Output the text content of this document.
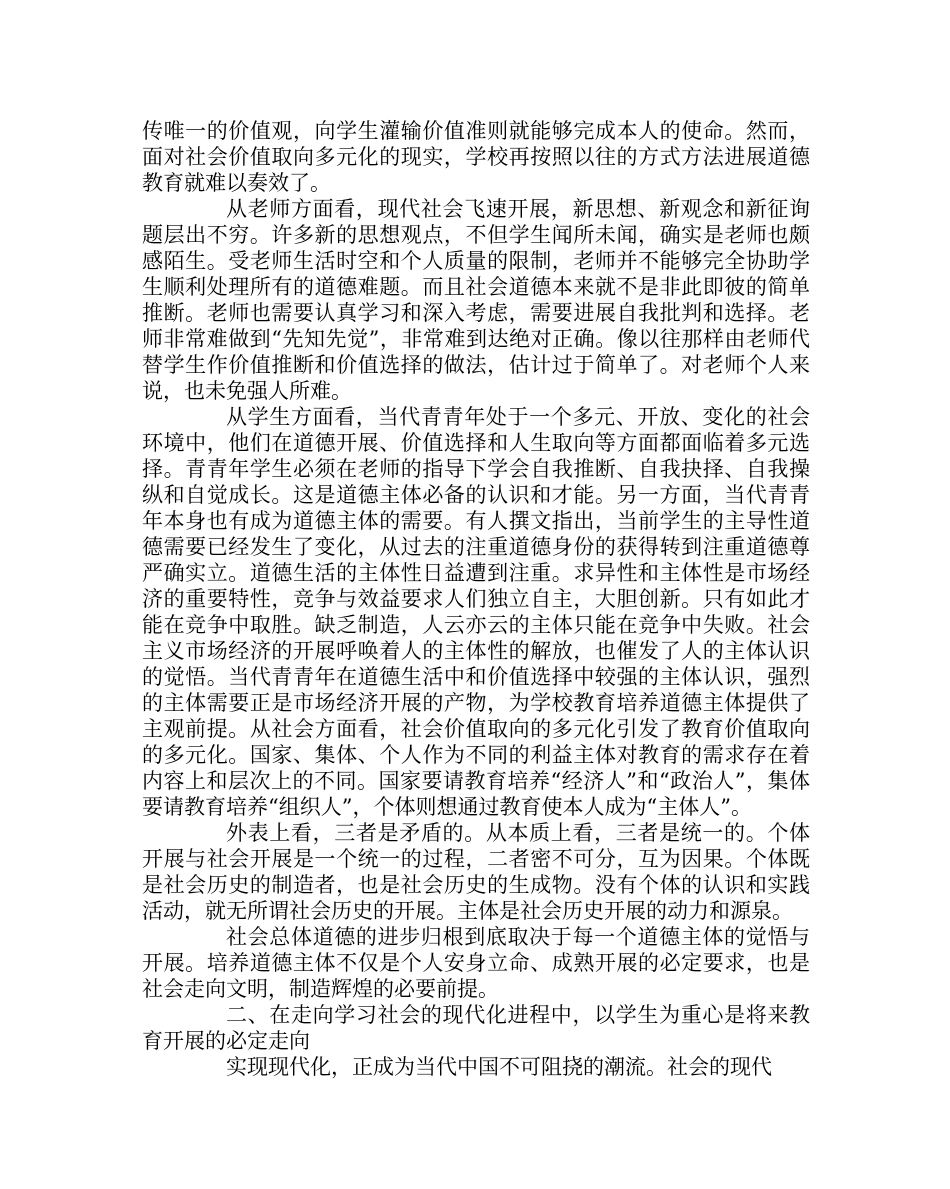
传唯一的价值观，向学生灌输价值准则就能够完成本人的使命。然而，面对社会价值取向多元化的现实，学校再按照以往的方式方法进展道德教育就难以奏效了。

从老师方面看，现代社会飞速开展，新思想、新观念和新征询题层出不穷。许多新的思想观点，不但学生闻所未闻，确实是老师也颇感陌生。受老师生活时空和个人质量的限制，老师并不能够完全协助学生顺利处理所有的道德难题。而且社会道德本来就不是非此即彼的简单推断。老师也需要认真学习和深入考虑，需要进展自我批判和选择。老师非常难做到“先知先觉”，非常难到达绝对正确。像以往那样由老师代替学生作价值推断和价值选择的做法，估计过于简单了。对老师个人来说，也未免强人所难。

从学生方面看，当代青青年处于一个多元、开放、变化的社会环境中，他们在道德开展、价值选择和人生取向等方面都面临着多元选择。青青年学生必须在老师的指导下学会自我推断、自我抉择、自我操纵和自觉成长。这是道德主体必备的认识和才能。另一方面，当代青青年本身也有成为道德主体的需要。有人撰文指出，当前学生的主导性道德需要已经发生了变化，从过去的注重道德身份的获得转到注重道德尊严确实立。道德生活的主体性日益遭到注重。求异性和主体性是市场经济的重要特性，竞争与效益要求人们独立自主，大胆创新。只有如此才能在竞争中取胜。缺乏制造，人云亦云的主体只能在竞争中失败。社会主义市场经济的开展呼唤着人的主体性的解放，也催发了人的主体认识的觉悟。当代青青年在道德生活中和价值选择中较强的主体认识，强烈的主体需要正是市场经济开展的产物，为学校教育培养道德主体提供了主观前提。从社会方面看，社会价值取向的多元化引发了教育价值取向的多元化。国家、集体、个人作为不同的利益主体对教育的需求存在着内容上和层次上的不同。国家要请教育培养“经济人”和“政治人”，集体要请教育培养“组织人”，个体则想通过教育使本人成为“主体人”。

外表上看，三者是矛盾的。从本质上看，三者是统一的。个体开展与社会开展是一个统一的过程，二者密不可分，互为因果。个体既是社会历史的制造者，也是社会历史的生成物。没有个体的认识和实践活动，就无所谓社会历史的开展。主体是社会历史开展的动力和源泉。

社会总体道德的进步归根到底取决于每一个道德主体的觉悟与开展。培养道德主体不仅是个人安身立命、成熟开展的必定要求，也是社会走向文明，制造辉煌的必要前提。

二、在走向学习社会的现代化进程中，以学生为重心是将来教育开展的必定走向

实现现代化，正成为当代中国不可阻挠的潮流。社会的现代
